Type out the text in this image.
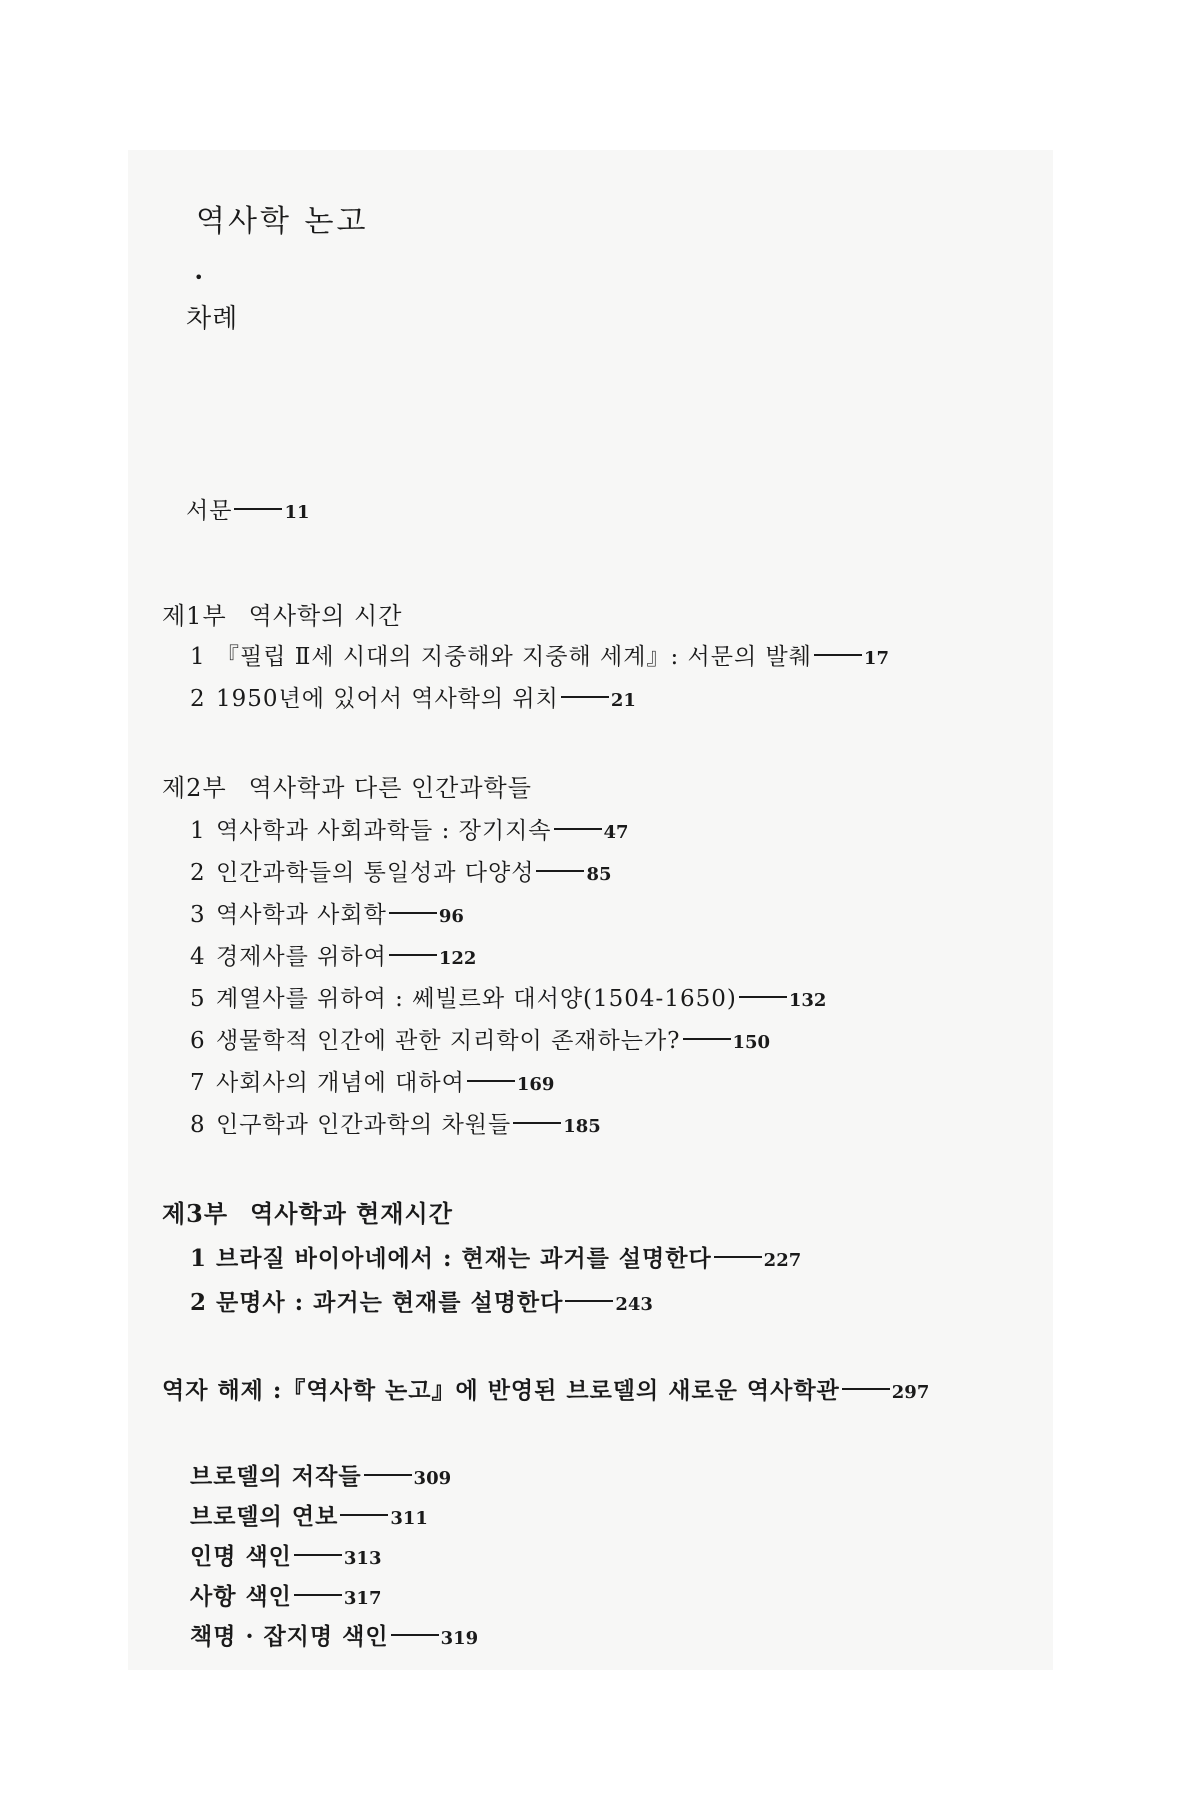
역사학 논고
•
차례
서문	11
제1부 역사학의 시간
1 『필립 Ⅱ세 시대의 지중해와 지중해 세계』: 서문의 발췌	17
2 1950년에 있어서 역사학의 위치	21
제2부 역사학과 다른 인간과학들
1 역사학과 사회과학들 : 장기지속	47
2 인간과학들의 통일성과 다양성	85
3 역사학과 사회학	96
4 경제사를 위하여	122
5 계열사를 위하여 : 쎄빌르와 대서양(1504-1650)	132
6 생물학적 인간에 관한 지리학이 존재하는가?	150
7 사회사의 개념에 대하여	169
8 인구학과 인간과학의 차원들	185
제3부 역사학과 현재시간
1 브라질 바이아네에서 : 현재는 과거를 설명한다	227
2 문명사 : 과거는 현재를 설명한다	243
역자 해제 :『역사학 논고』에 반영된 브로델의 새로운 역사학관	297
브로델의 저작들	309
브로델의 연보	311
인명 색인	313
사항 색인	317
책명 · 잡지명 색인	319
